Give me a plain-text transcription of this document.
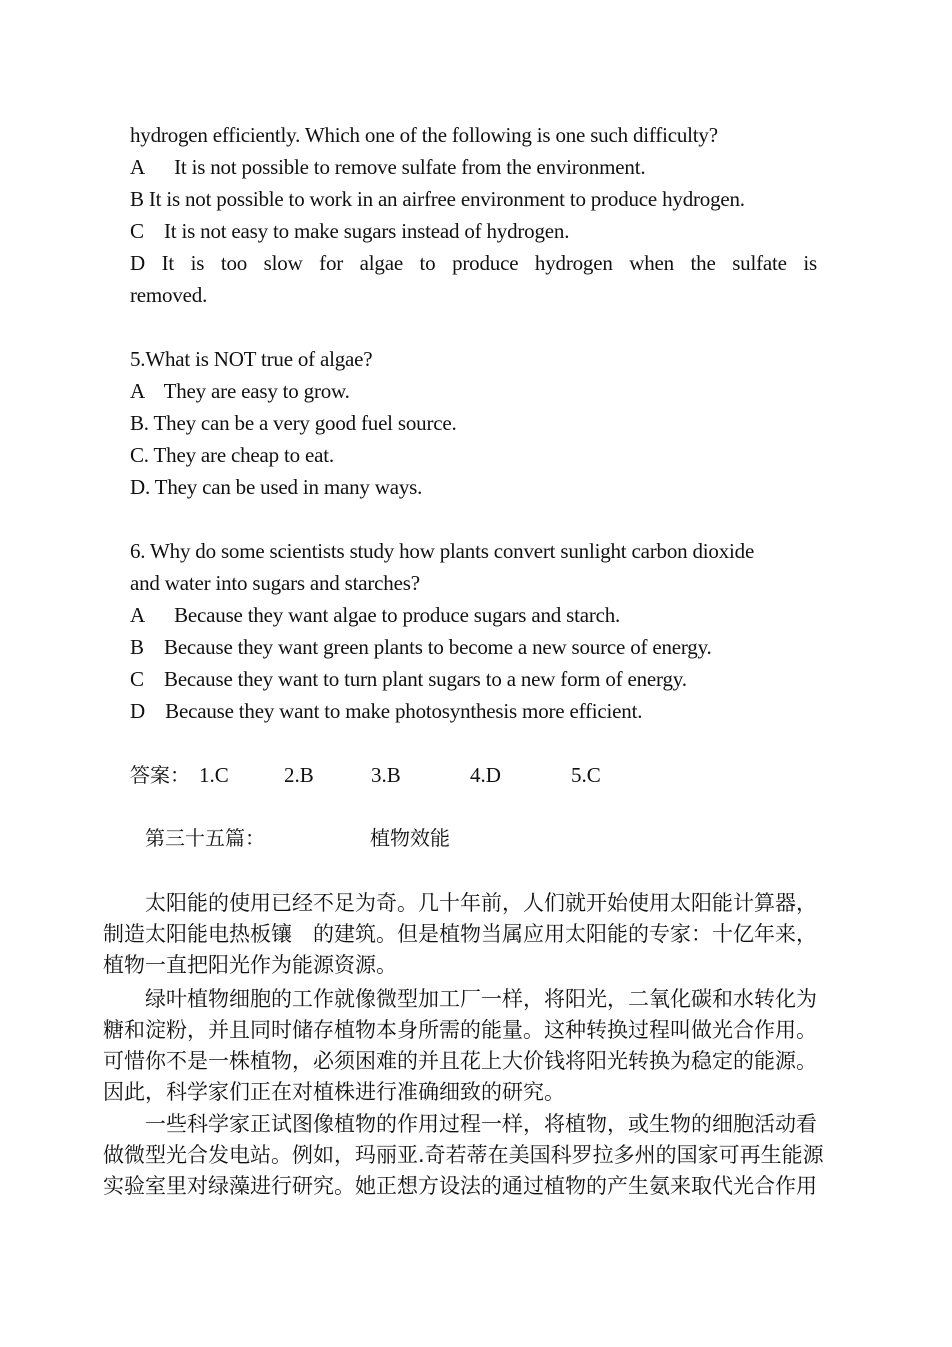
hydrogen efficiently. Which one of the following is one such difficulty?
A      It is not possible to remove sulfate from the environment.
B It is not possible to work in an airfree environment to produce hydrogen.
C    It is not easy to make sugars instead of hydrogen.
D It is too slow for algae to produce hydrogen when the sulfate is
removed.
5.What is NOT true of algae?
A    They are easy to grow.
B. They can be a very good fuel source.
C. They are cheap to eat.
D. They can be used in many ways.
6. Why do some scientists study how plants convert sunlight carbon dioxide
and water into sugars and starches?
A      Because they want algae to produce sugars and starch.
B    Because they want green plants to become a new source of energy.
C    Because they want to turn plant sugars to a new form of energy.
D    Because they want to make photosynthesis more efficient.
答案： 1.C	2.B	3.B	4.D	5.C
第三十五篇：	植物效能
　　太阳能的使用已经不足为奇。几十年前，人们就开始使用太阳能计算器，
制造太阳能电热板镶　的建筑。但是植物当属应用太阳能的专家：十亿年来，
植物一直把阳光作为能源资源。
　　绿叶植物细胞的工作就像微型加工厂一样，将阳光，二氧化碳和水转化为
糖和淀粉，并且同时储存植物本身所需的能量。这种转换过程叫做光合作用。
可惜你不是一株植物，必须困难的并且花上大价钱将阳光转换为稳定的能源。
因此，科学家们正在对植株进行准确细致的研究。
　　一些科学家正试图像植物的作用过程一样，将植物，或生物的细胞活动看
做微型光合发电站。例如，玛丽亚.奇若蒂在美国科罗拉多州的国家可再生能源
实验室里对绿藻进行研究。她正想方设法的通过植物的产生氨来取代光合作用
